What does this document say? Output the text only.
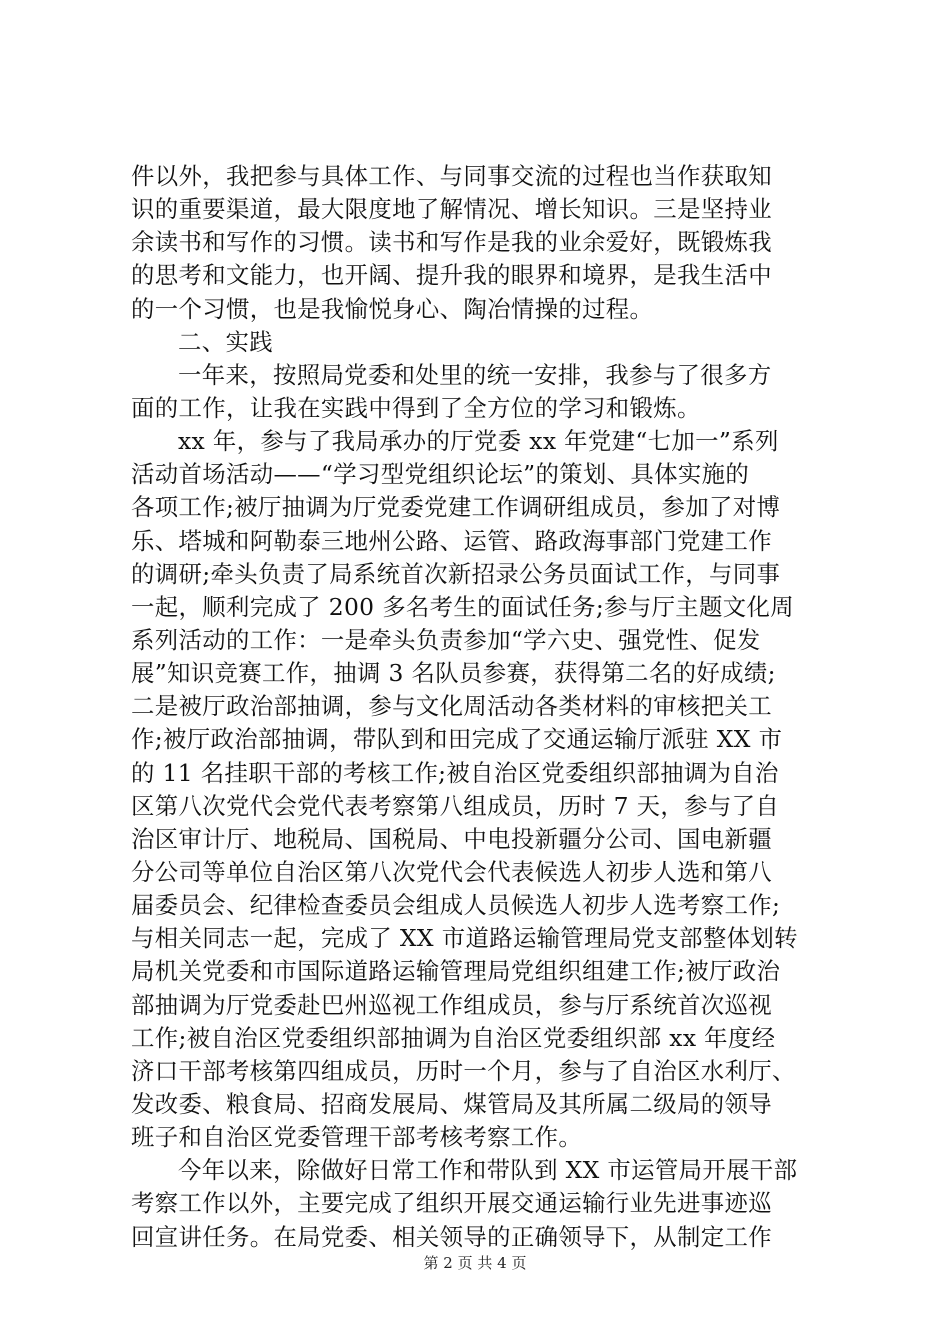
件以外，我把参与具体工作、与同事交流的过程也当作获取知
识的重要渠道，最大限度地了解情况、增长知识。三是坚持业
余读书和写作的习惯。读书和写作是我的业余爱好，既锻炼我
的思考和文能力，也开阔、提升我的眼界和境界，是我生活中
的一个习惯，也是我愉悦身心、陶冶情操的过程。
二、实践
一年来，按照局党委和处里的统一安排，我参与了很多方
面的工作，让我在实践中得到了全方位的学习和锻炼。
xx 年，参与了我局承办的厅党委 xx 年党建“七加一”系列
活动首场活动——“学习型党组织论坛”的策划、具体实施的
各项工作;被厅抽调为厅党委党建工作调研组成员，参加了对博
乐、塔城和阿勒泰三地州公路、运管、路政海事部门党建工作
的调研;牵头负责了局系统首次新招录公务员面试工作，与同事
一起，顺利完成了 200 多名考生的面试任务;参与厅主题文化周
系列活动的工作：一是牵头负责参加“学六史、强党性、促发
展”知识竞赛工作，抽调 3 名队员参赛，获得第二名的好成绩;
二是被厅政治部抽调，参与文化周活动各类材料的审核把关工
作;被厅政治部抽调，带队到和田完成了交通运输厅派驻 XX 市
的 11 名挂职干部的考核工作;被自治区党委组织部抽调为自治
区第八次党代会党代表考察第八组成员，历时 7 天，参与了自
治区审计厅、地税局、国税局、中电投新疆分公司、国电新疆
分公司等单位自治区第八次党代会代表候选人初步人选和第八
届委员会、纪律检查委员会组成人员候选人初步人选考察工作;
与相关同志一起，完成了 XX 市道路运输管理局党支部整体划转
局机关党委和市国际道路运输管理局党组织组建工作;被厅政治
部抽调为厅党委赴巴州巡视工作组成员，参与厅系统首次巡视
工作;被自治区党委组织部抽调为自治区党委组织部 xx 年度经
济口干部考核第四组成员，历时一个月，参与了自治区水利厅、
发改委、粮食局、招商发展局、煤管局及其所属二级局的领导
班子和自治区党委管理干部考核考察工作。
今年以来，除做好日常工作和带队到 XX 市运管局开展干部
考察工作以外，主要完成了组织开展交通运输行业先进事迹巡
回宣讲任务。在局党委、相关领导的正确领导下，从制定工作
第 2 页 共 4 页
